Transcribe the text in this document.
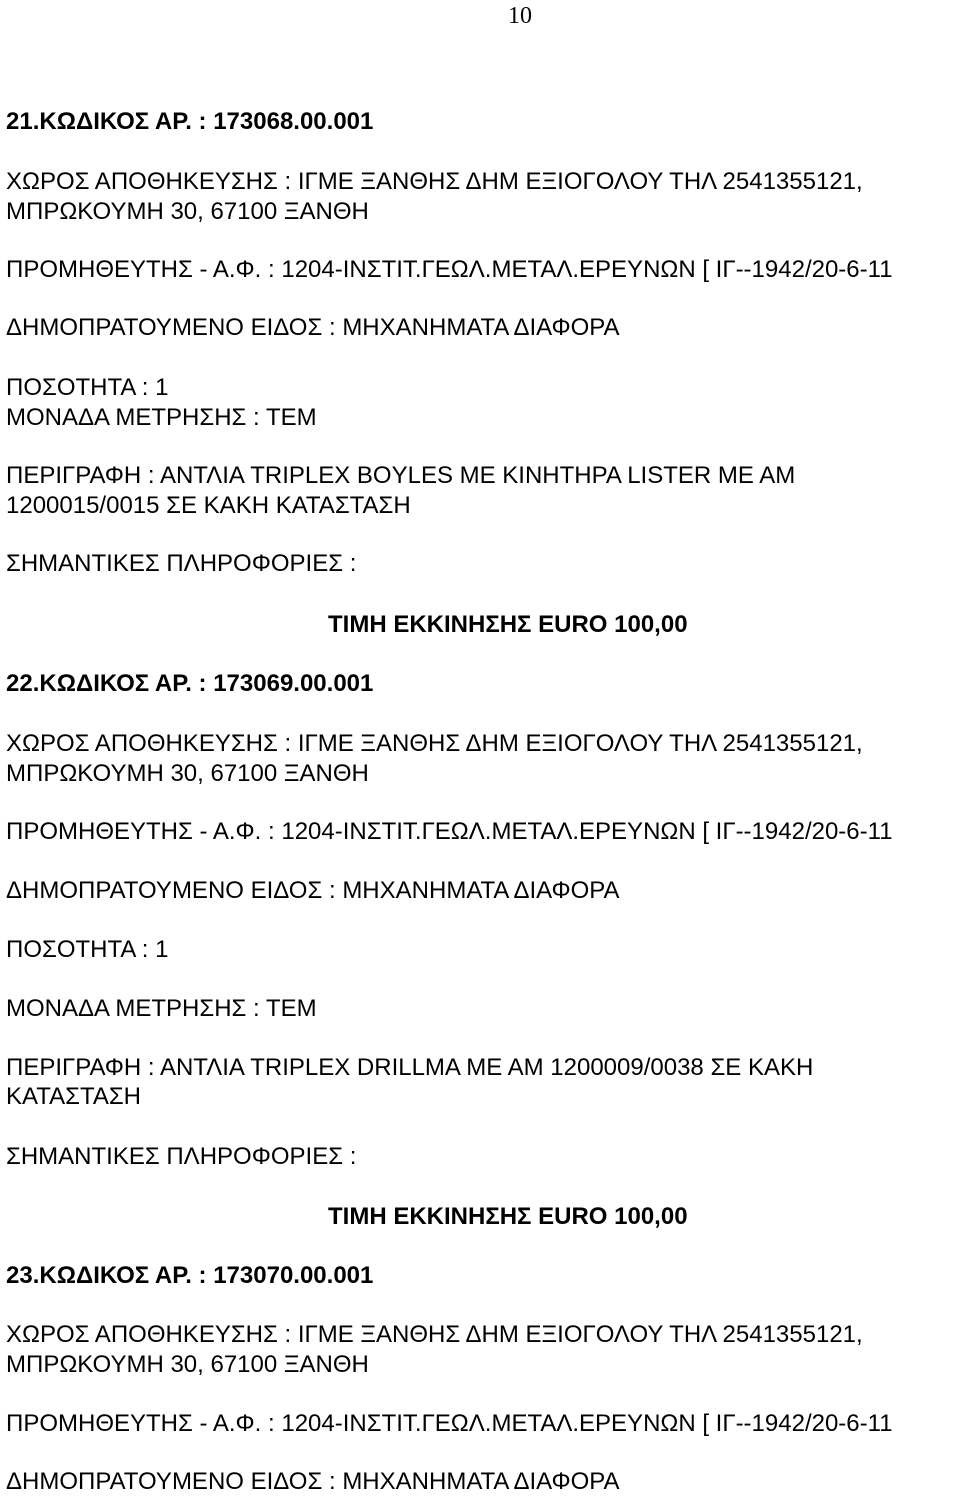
10
21.ΚΩΔΙΚΟΣ ΑΡ. : 173068.00.001
ΧΩΡΟΣ ΑΠΟΘΗΚΕΥΣΗΣ : ΙΓΜΕ ΞΑΝΘΗΣ ΔΗΜ ΕΞΙΟΓΟΛΟΥ ΤΗΛ 2541355121,
ΜΠΡΩΚΟΥΜΗ 30, 67100 ΞΑΝΘΗ
ΠΡΟΜΗΘΕΥΤΗΣ - Α.Φ. : 1204-ΙΝΣΤΙΤ.ΓΕΩΛ.ΜΕΤΑΛ.ΕΡΕΥΝΩΝ [ ΙΓ--1942/20-6-11
ΔΗΜΟΠΡΑΤΟΥΜΕΝΟ ΕΙΔΟΣ : ΜΗΧΑΝΗΜΑΤΑ ΔΙΑΦΟΡΑ
ΠΟΣΟΤΗΤΑ : 1
ΜΟΝΑΔΑ ΜΕΤΡΗΣΗΣ : ΤΕΜ
ΠΕΡΙΓΡΑΦΗ : ΑΝΤΛΙΑ TRIPLEX BOYLES ΜΕ ΚΙΝΗΤΗΡΑ LISTER ΜΕ ΑΜ
1200015/0015 ΣΕ ΚΑΚΗ ΚΑΤΑΣΤΑΣΗ
ΣΗΜΑΝΤΙΚΕΣ ΠΛΗΡΟΦΟΡΙΕΣ :
ΤΙΜΗ ΕΚΚΙΝΗΣΗΣ EURO 100,00
22.ΚΩΔΙΚΟΣ ΑΡ. : 173069.00.001
ΧΩΡΟΣ ΑΠΟΘΗΚΕΥΣΗΣ : ΙΓΜΕ ΞΑΝΘΗΣ ΔΗΜ ΕΞΙΟΓΟΛΟΥ ΤΗΛ 2541355121,
ΜΠΡΩΚΟΥΜΗ 30, 67100 ΞΑΝΘΗ
ΠΡΟΜΗΘΕΥΤΗΣ - Α.Φ. : 1204-ΙΝΣΤΙΤ.ΓΕΩΛ.ΜΕΤΑΛ.ΕΡΕΥΝΩΝ [ ΙΓ--1942/20-6-11
ΔΗΜΟΠΡΑΤΟΥΜΕΝΟ ΕΙΔΟΣ : ΜΗΧΑΝΗΜΑΤΑ ΔΙΑΦΟΡΑ
ΠΟΣΟΤΗΤΑ : 1
ΜΟΝΑΔΑ ΜΕΤΡΗΣΗΣ : ΤΕΜ
ΠΕΡΙΓΡΑΦΗ : ΑΝΤΛΙΑ TRIPLEX DRILLMA ΜΕ ΑΜ 1200009/0038 ΣΕ ΚΑΚΗ
ΚΑΤΑΣΤΑΣΗ
ΣΗΜΑΝΤΙΚΕΣ ΠΛΗΡΟΦΟΡΙΕΣ :
ΤΙΜΗ ΕΚΚΙΝΗΣΗΣ EURO 100,00
23.ΚΩΔΙΚΟΣ ΑΡ. : 173070.00.001
ΧΩΡΟΣ ΑΠΟΘΗΚΕΥΣΗΣ : ΙΓΜΕ ΞΑΝΘΗΣ ΔΗΜ ΕΞΙΟΓΟΛΟΥ ΤΗΛ 2541355121,
ΜΠΡΩΚΟΥΜΗ 30, 67100 ΞΑΝΘΗ
ΠΡΟΜΗΘΕΥΤΗΣ - Α.Φ. : 1204-ΙΝΣΤΙΤ.ΓΕΩΛ.ΜΕΤΑΛ.ΕΡΕΥΝΩΝ [ ΙΓ--1942/20-6-11
ΔΗΜΟΠΡΑΤΟΥΜΕΝΟ ΕΙΔΟΣ : ΜΗΧΑΝΗΜΑΤΑ ΔΙΑΦΟΡΑ
